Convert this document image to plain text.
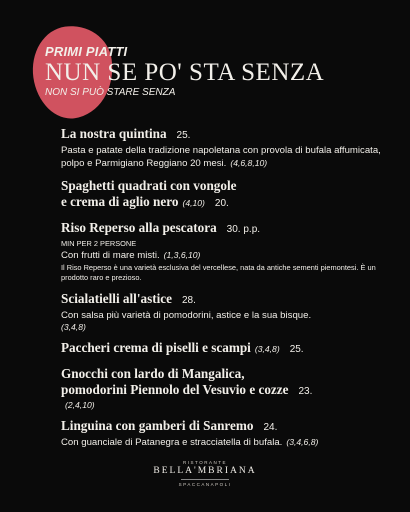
PRIMI PIATTI
NUN SE PO' STA SENZA
NON SI PUÒ STARE SENZA
La nostra quintina 25.
Pasta e patate della tradizione napoletana con provola di bufala affumicata, polpo e Parmigiano Reggiano 20 mesi. (4,6,8,10)
Spaghetti quadrati con vongole
e crema di aglio nero (4,10) 20.
Riso Reperso alla pescatora 30. p.p.
MIN PER 2 PERSONE
Con frutti di mare misti. (1,3,6,10)
Il Riso Reperso è una varietà esclusiva del vercellese, nata da antiche sementi piemontesi. È un prodotto raro e prezioso.
Scialatielli all'astice 28.
Con salsa più varietà di pomodorini, astice e la sua bisque.
(3,4,8)
Paccheri crema di piselli e scampi (3,4,8) 25.
Gnocchi con lardo di Mangalica,
pomodorini Piennolo del Vesuvio e cozze 23.
(2,4,10)
Linguina con gamberi di Sanremo 24.
Con guanciale di Patanegra e stracciatella di bufala. (3,4,6,8)
RISTORANTE
BELLA'MBRIANA
SPACCANAPOLI
